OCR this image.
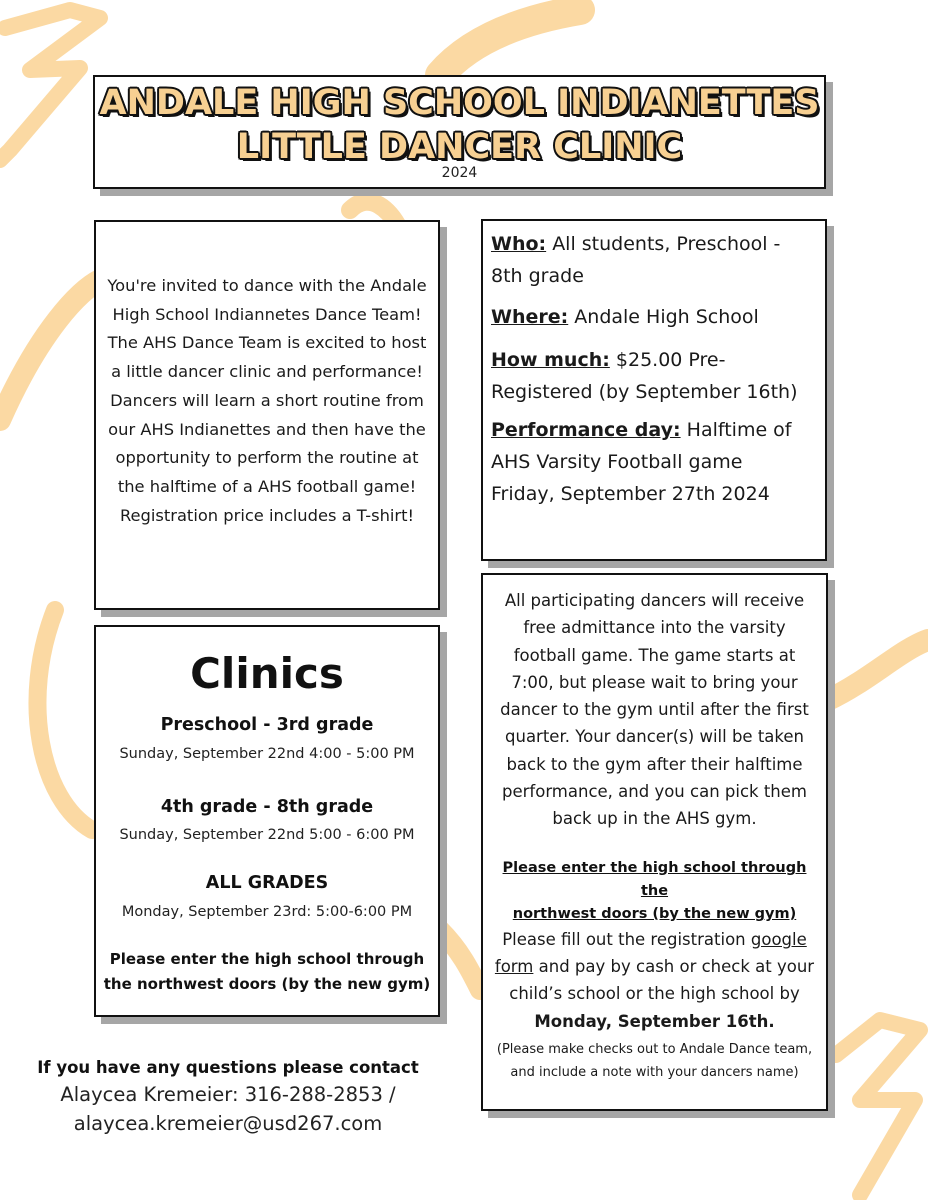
ANDALE HIGH SCHOOL INDIANETTES
LITTLE DANCER CLINIC
2024
You're invited to dance with the Andale High School Indiannetes Dance Team! The AHS Dance Team is excited to host a little dancer clinic and performance! Dancers will learn a short routine from our AHS Indianettes and then have the opportunity to perform the routine at the halftime of a AHS football game! Registration price includes a T-shirt!
Who: All students, Preschool -
8th grade
Where: Andale High School
How much: $25.00 Pre-
Registered (by September 16th)
Performance day: Halftime of
AHS Varsity Football game
Friday, September 27th 2024
Clinics
Preschool - 3rd grade
Sunday, September 22nd 4:00 - 5:00 PM
4th grade - 8th grade
Sunday, September 22nd 5:00 - 6:00 PM
ALL GRADES
Monday, September 23rd: 5:00-6:00 PM
Please enter the high school through
the northwest doors (by the new gym)
All participating dancers will receive free admittance into the varsity football game. The game starts at 7:00, but please wait to bring your dancer to the gym until after the first quarter. Your dancer(s) will be taken back to the gym after their halftime performance, and you can pick them back up in the AHS gym.
Please enter the high school through the
northwest doors (by the new gym)
Please fill out the registration google form and pay by cash or check at your child’s school or the high school by
Monday, September 16th.
(Please make checks out to Andale Dance team, and include a note with your dancers name)
If you have any questions please contact
Alaycea Kremeier: 316-288-2853 /
alaycea.kremeier@usd267.com
